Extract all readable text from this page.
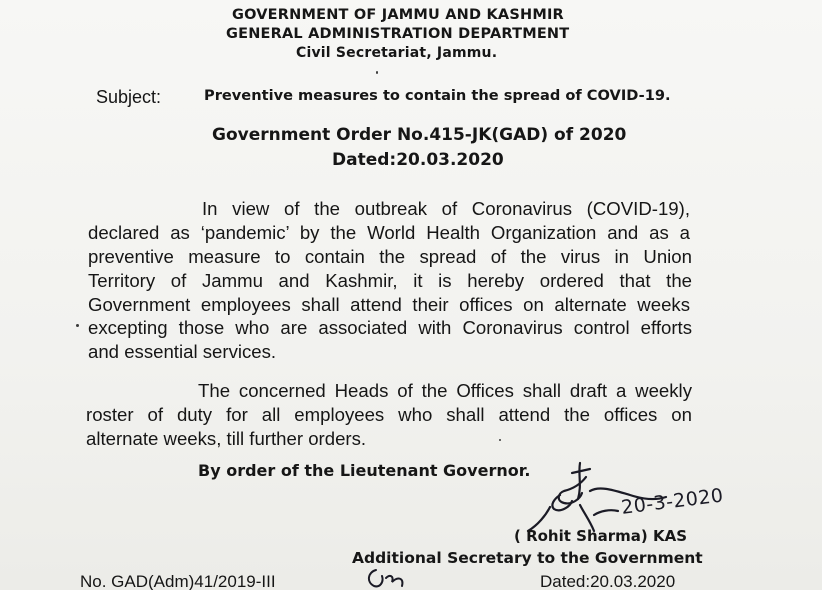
GOVERNMENT OF JAMMU AND KASHMIR
GENERAL ADMINISTRATION DEPARTMENT
Civil Secretariat, Jammu.
Subject:	Preventive measures to contain the spread of COVID-19.
Government Order No.415-JK(GAD) of 2020
Dated:20.03.2020
In view of the outbreak of Coronavirus (COVID-19),
declared as ‘pandemic’ by the World Health Organization and as a
preventive measure to contain the spread of the virus in Union
Territory of Jammu and Kashmir, it is hereby ordered that the
Government employees shall attend their offices on alternate weeks
excepting those who are associated with Coronavirus control efforts
and essential services.
The concerned Heads of the Offices shall draft a weekly
roster of duty for all employees who shall attend the offices on
alternate weeks, till further orders.
By order of the Lieutenant Governor.
20-3-2020
( Rohit Sharma) KAS
Additional Secretary to the Government
No. GAD(Adm)41/2019-III	Dated:20.03.2020
